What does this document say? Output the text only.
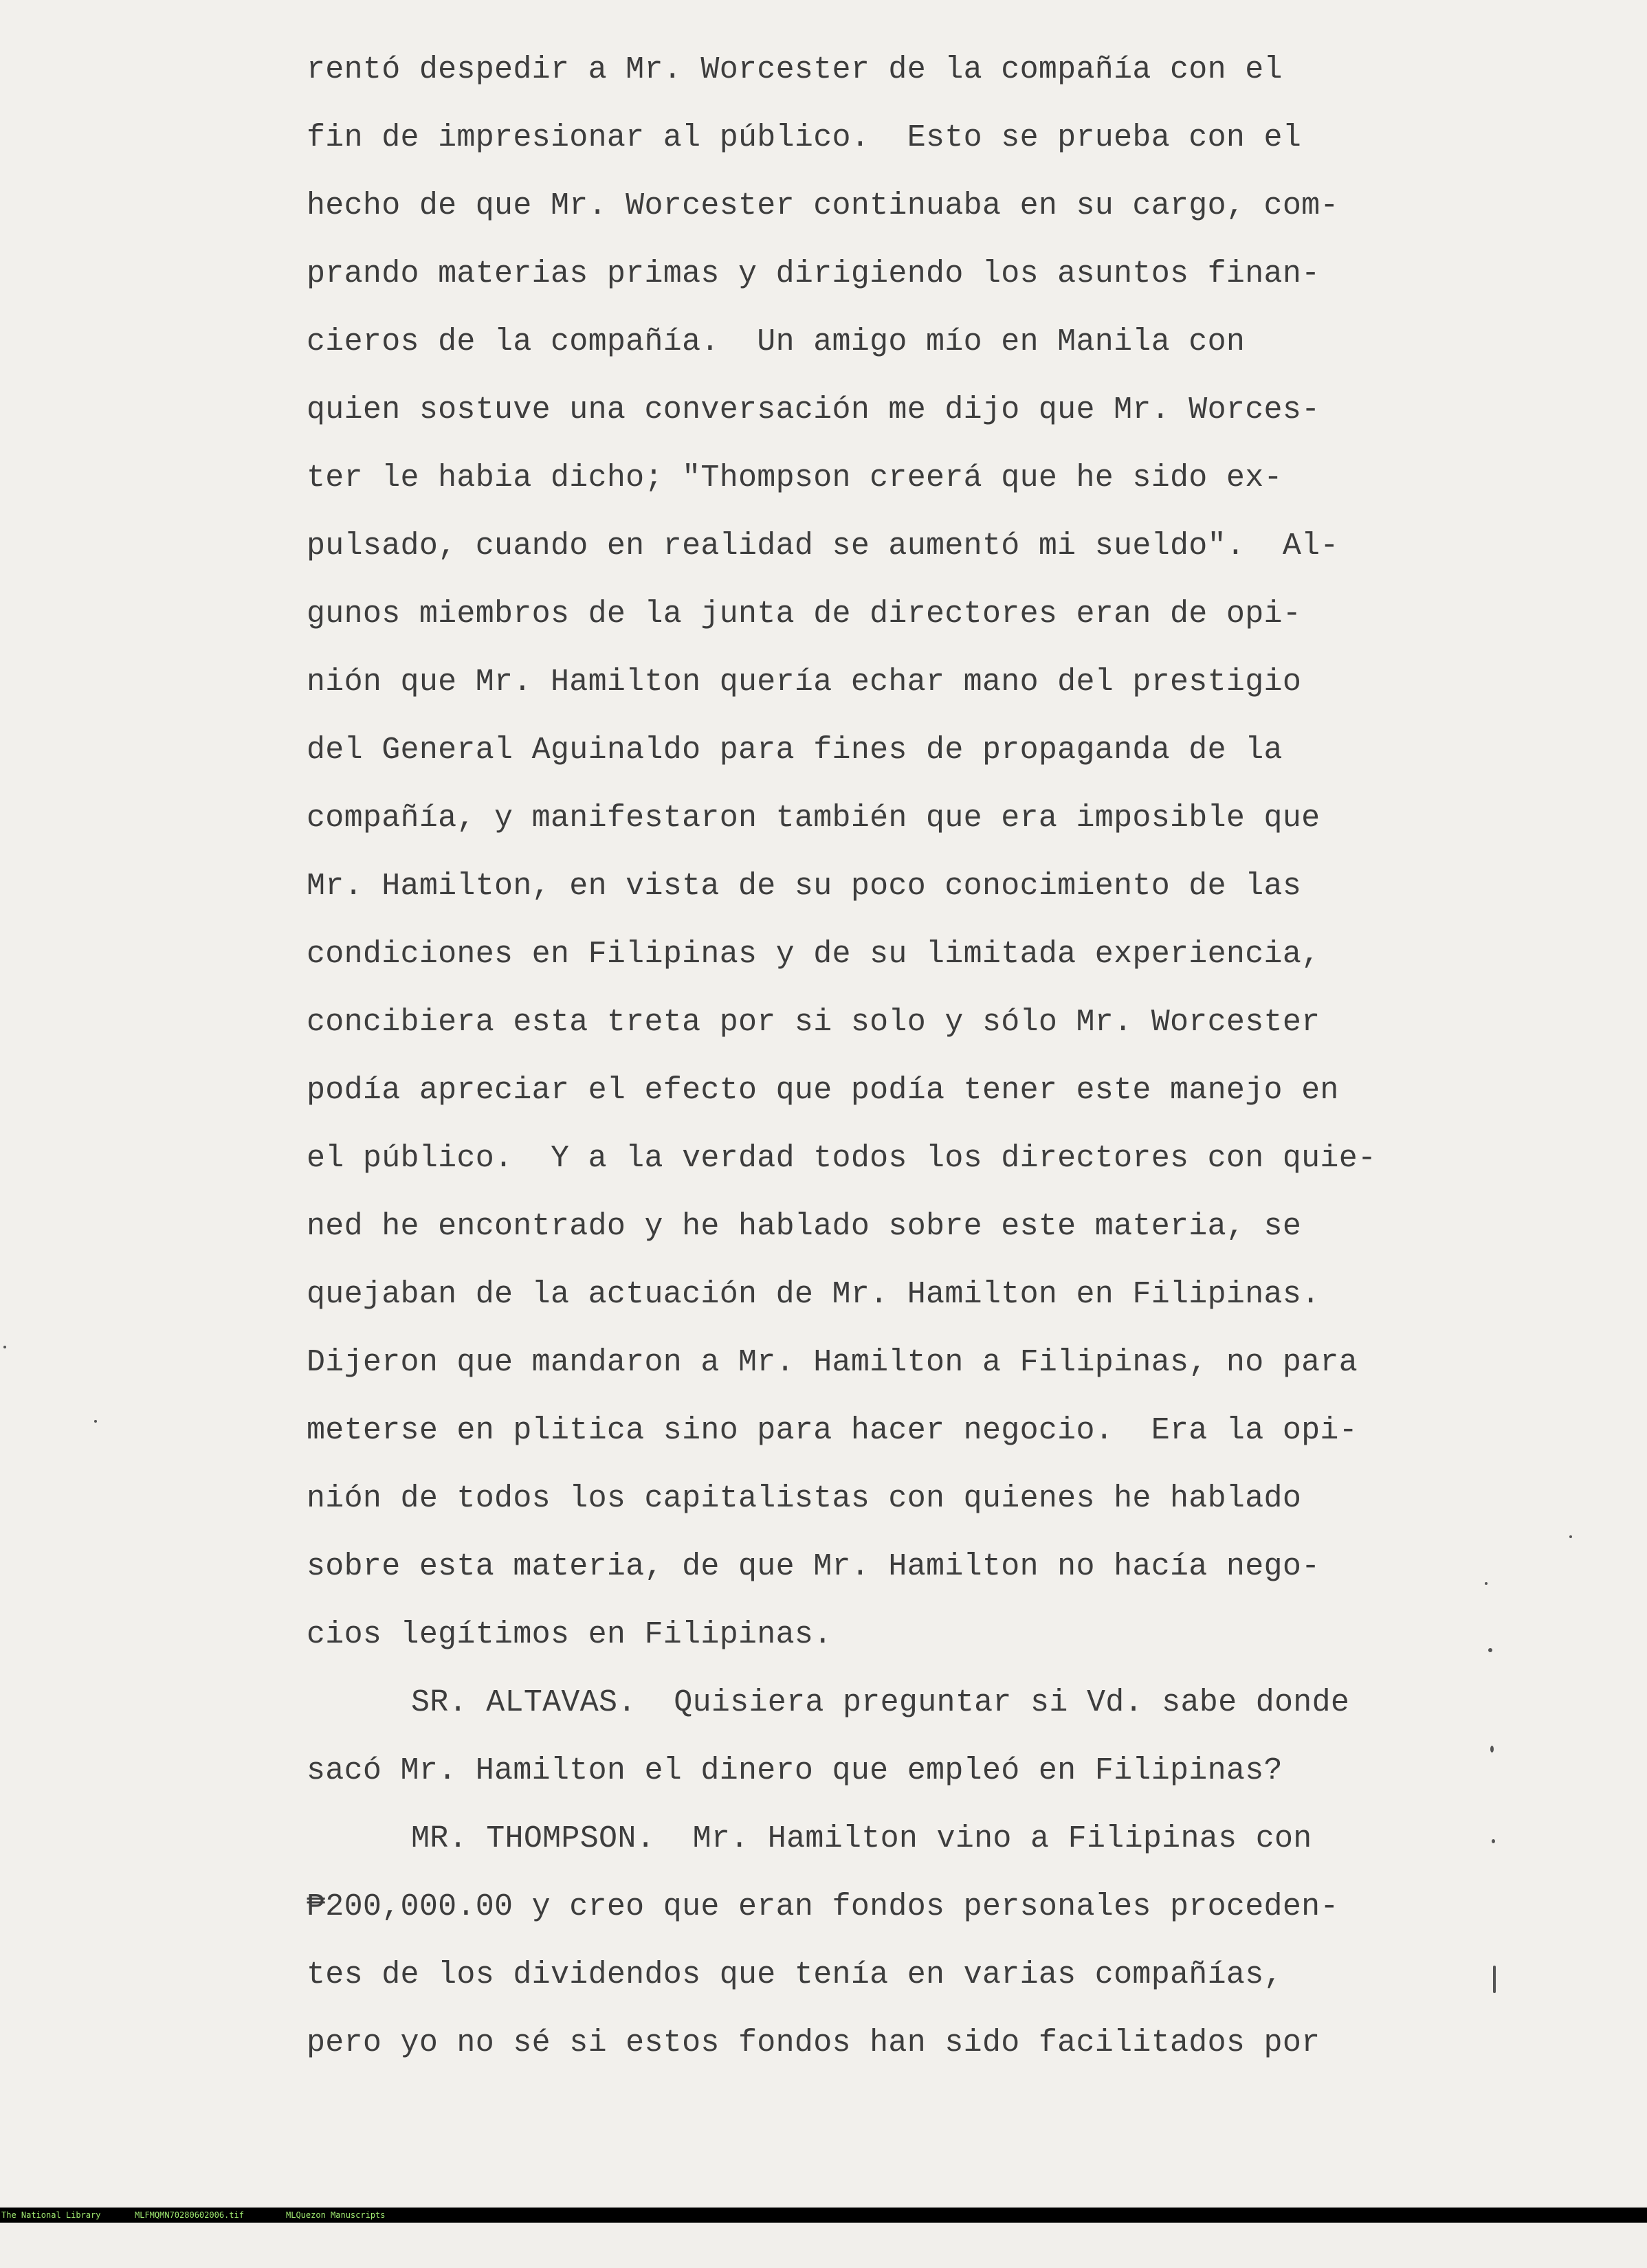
rentó despedir a Mr. Worcester de la compañía con el
fin de impresionar al público.  Esto se prueba con el
hecho de que Mr. Worcester continuaba en su cargo, com-
prando materias primas y dirigiendo los asuntos finan-
cieros de la compañía.  Un amigo mío en Manila con
quien sostuve una conversación me dijo que Mr. Worces-
ter le habia dicho; "Thompson creerá que he sido ex-
pulsado, cuando en realidad se aumentó mi sueldo".  Al-
gunos miembros de la junta de directores eran de opi-
nión que Mr. Hamilton quería echar mano del prestigio
del General Aguinaldo para fines de propaganda de la
compañía, y manifestaron también que era imposible que
Mr. Hamilton, en vista de su poco conocimiento de las
condiciones en Filipinas y de su limitada experiencia,
concibiera esta treta por si solo y sólo Mr. Worcester
podía apreciar el efecto que podía tener este manejo en
el público.  Y a la verdad todos los directores con quie-
ned he encontrado y he hablado sobre este materia, se
quejaban de la actuación de Mr. Hamilton en Filipinas.
Dijeron que mandaron a Mr. Hamilton a Filipinas, no para
meterse en plitica sino para hacer negocio.  Era la opi-
nión de todos los capitalistas con quienes he hablado
sobre esta materia, de que Mr. Hamilton no hacía nego-
cios legítimos en Filipinas.
SR. ALTAVAS.  Quisiera preguntar si Vd. sabe donde
sacó Mr. Hamilton el dinero que empleó en Filipinas?
MR. THOMPSON.  Mr. Hamilton vino a Filipinas con
₱200,000.00 y creo que eran fondos personales proceden-
tes de los dividendos que tenía en varias compañías,
pero yo no sé si estos fondos han sido facilitados por

The National Library

	MLFMQMN70280602006.tif

	MLQuezon Manuscripts
